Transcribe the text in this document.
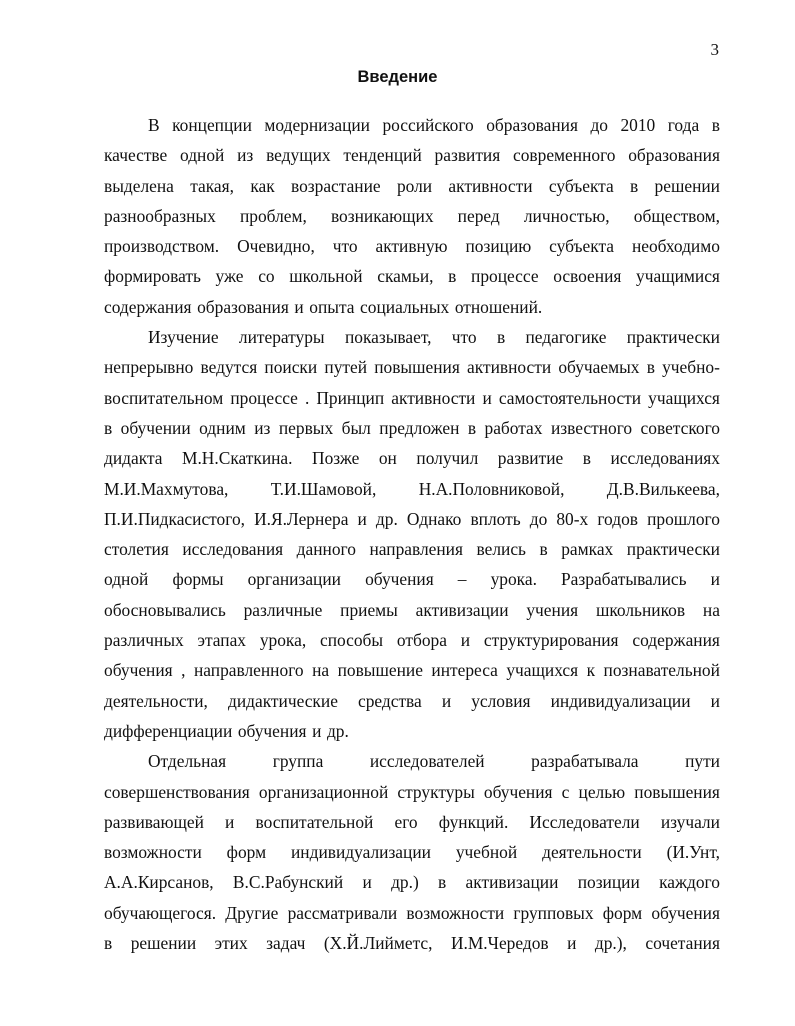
3
Введение
В концепции модернизации российского образования до 2010 года в
качестве одной из ведущих тенденций развития современного образования
выделена такая, как возрастание роли активности субъекта в решении
разнообразных проблем, возникающих перед личностью, обществом,
производством. Очевидно, что активную позицию субъекта необходимо
формировать уже со школьной скамьи, в процессе освоения учащимися
содержания образования и опыта социальных отношений.
Изучение литературы показывает, что в педагогике практически
непрерывно ведутся поиски путей повышения активности обучаемых в учебно-
воспитательном процессе . Принцип активности и самостоятельности учащихся
в обучении одним из первых был предложен в работах известного советского
дидакта М.Н.Скаткина. Позже он получил развитие в исследованиях
М.И.Махмутова, Т.И.Шамовой, Н.А.Половниковой, Д.В.Вилькеева,
П.И.Пидкасистого, И.Я.Лернера и др. Однако вплоть до 80-х годов прошлого
столетия исследования данного направления велись в рамках практически
одной формы организации обучения – урока. Разрабатывались и
обосновывались различные приемы активизации учения школьников на
различных этапах урока, способы отбора и структурирования содержания
обучения , направленного на повышение интереса учащихся к познавательной
деятельности, дидактические средства и условия индивидуализации и
дифференциации обучения и др.
Отдельная	группа	исследователей	разрабатывала	пути
совершенствования организационной структуры обучения с целью повышения
развивающей и воспитательной его функций. Исследователи изучали
возможности форм индивидуализации учебной деятельности (И.Унт,
А.А.Кирсанов, В.С.Рабунский и др.) в активизации позиции каждого
обучающегося. Другие рассматривали возможности групповых форм обучения
в решении этих задач (Х.Й.Лийметс, И.М.Чередов и др.), сочетания
